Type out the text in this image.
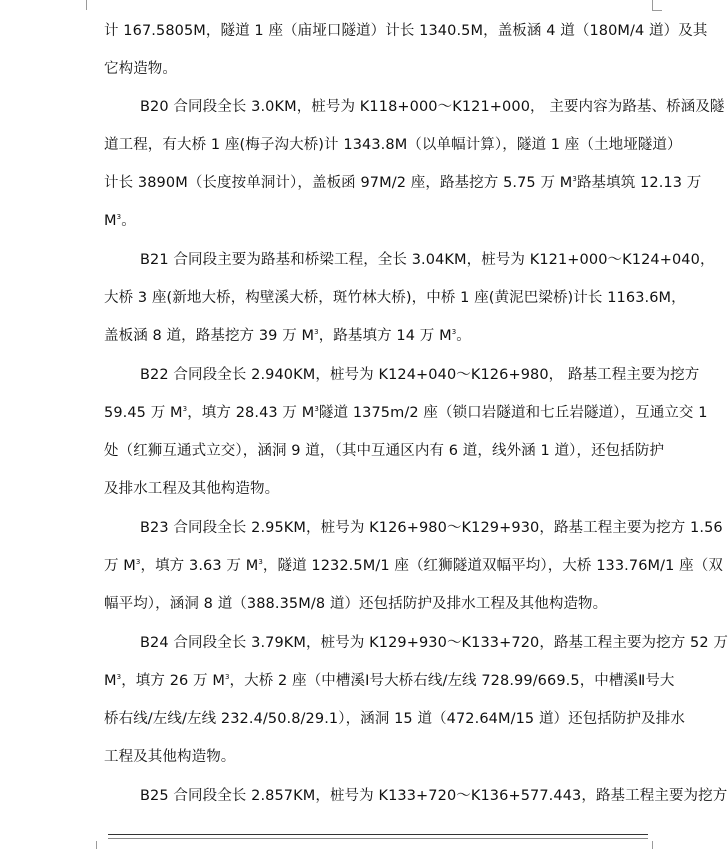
计 167.5805M，隧道 1 座（庙垭口隧道）计长 1340.5M，盖板涵 4 道（180M/4 道）及其
它构造物。
B20 合同段全长 3.0KM，桩号为 K118+000～K121+000， 主要内容为路基、桥涵及隧
道工程，有大桥 1 座(梅子沟大桥)计 1343.8M（以单幅计算），隧道 1 座（土地垭隧道）
计长 3890M（长度按单洞计），盖板函 97M/2 座，路基挖方 5.75 万 $M^3$路基填筑 12.13 万
$M^3$。
B21 合同段主要为路基和桥梁工程，全长 3.04KM，桩号为 K121+000～K124+040，
大桥 3 座(新地大桥，构壁溪大桥，斑竹林大桥)，中桥 1 座(黄泥巴梁桥)计长 1163.6M，
盖板涵 8 道，路基挖方 39 万 $M^3$，路基填方 14 万 $M^3$。
B22 合同段全长 2.940KM，桩号为 K124+040～K126+980， 路基工程主要为挖方
59.45 万 $M^3$，填方 28.43 万 $M^3$隧道 1375m/2 座（锁口岩隧道和七丘岩隧道），互通立交 1
处（红狮互通式立交），涵洞 9 道，（其中互通区内有 6 道，线外涵 1 道），还包括防护
及排水工程及其他构造物。
B23 合同段全长 2.95KM，桩号为 K126+980～K129+930，路基工程主要为挖方 1.56
万 $M^3$，填方 3.63 万 $M^3$，隧道 1232.5M/1 座（红狮隧道双幅平均），大桥 133.76M/1 座（双
幅平均），涵洞 8 道（388.35M/8 道）还包括防护及排水工程及其他构造物。
B24 合同段全长 3.79KM，桩号为 K129+930～K133+720，路基工程主要为挖方 52 万
$M^3$，填方 26 万 $M^3$，大桥 2 座（中槽溪Ⅰ号大桥右线/左线 728.99/669.5，中槽溪Ⅱ号大
桥右线/左线/左线 232.4/50.8/29.1），涵洞 15 道（472.64M/15 道）还包括防护及排水
工程及其他构造物。
B25 合同段全长 2.857KM，桩号为 K133+720～K136+577.443，路基工程主要为挖方
